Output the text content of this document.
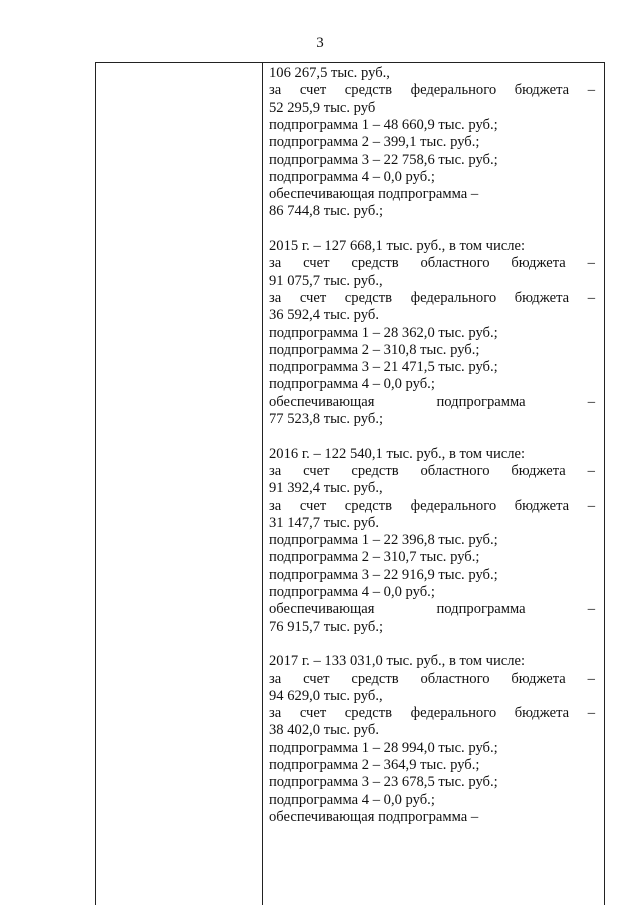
3
106 267,5 тыс. руб.,
за счет средств федерального бюджета –
52 295,9 тыс. руб
подпрограмма 1 – 48 660,9 тыс. руб.;
подпрограмма 2 – 399,1 тыс. руб.;
подпрограмма 3 – 22 758,6 тыс. руб.;
подпрограмма 4 – 0,0 руб.;
обеспечивающая подпрограмма –
86 744,8 тыс. руб.;
2015 г. – 127 668,1 тыс. руб., в том числе:
за счет средств областного бюджета –
91 075,7 тыс. руб.,
за счет средств федерального бюджета –
36 592,4 тыс. руб.
подпрограмма 1 – 28 362,0 тыс. руб.;
подпрограмма 2 – 310,8 тыс. руб.;
подпрограмма 3 – 21 471,5 тыс. руб.;
подпрограмма 4 – 0,0 руб.;
обеспечивающая	подпрограмма	–
77 523,8 тыс. руб.;
2016 г. – 122 540,1 тыс. руб., в том числе:
за счет средств областного бюджета –
91 392,4 тыс. руб.,
за счет средств федерального бюджета –
31 147,7 тыс. руб.
подпрограмма 1 – 22 396,8 тыс. руб.;
подпрограмма 2 – 310,7 тыс. руб.;
подпрограмма 3 – 22 916,9 тыс. руб.;
подпрограмма 4 – 0,0 руб.;
обеспечивающая	подпрограмма	–
76 915,7 тыс. руб.;
2017 г. – 133 031,0 тыс. руб., в том числе:
за счет средств областного бюджета –
94 629,0 тыс. руб.,
за счет средств федерального бюджета –
38 402,0 тыс. руб.
подпрограмма 1 – 28 994,0 тыс. руб.;
подпрограмма 2 – 364,9 тыс. руб.;
подпрограмма 3 – 23 678,5 тыс. руб.;
подпрограмма 4 – 0,0 руб.;
обеспечивающая подпрограмма –
